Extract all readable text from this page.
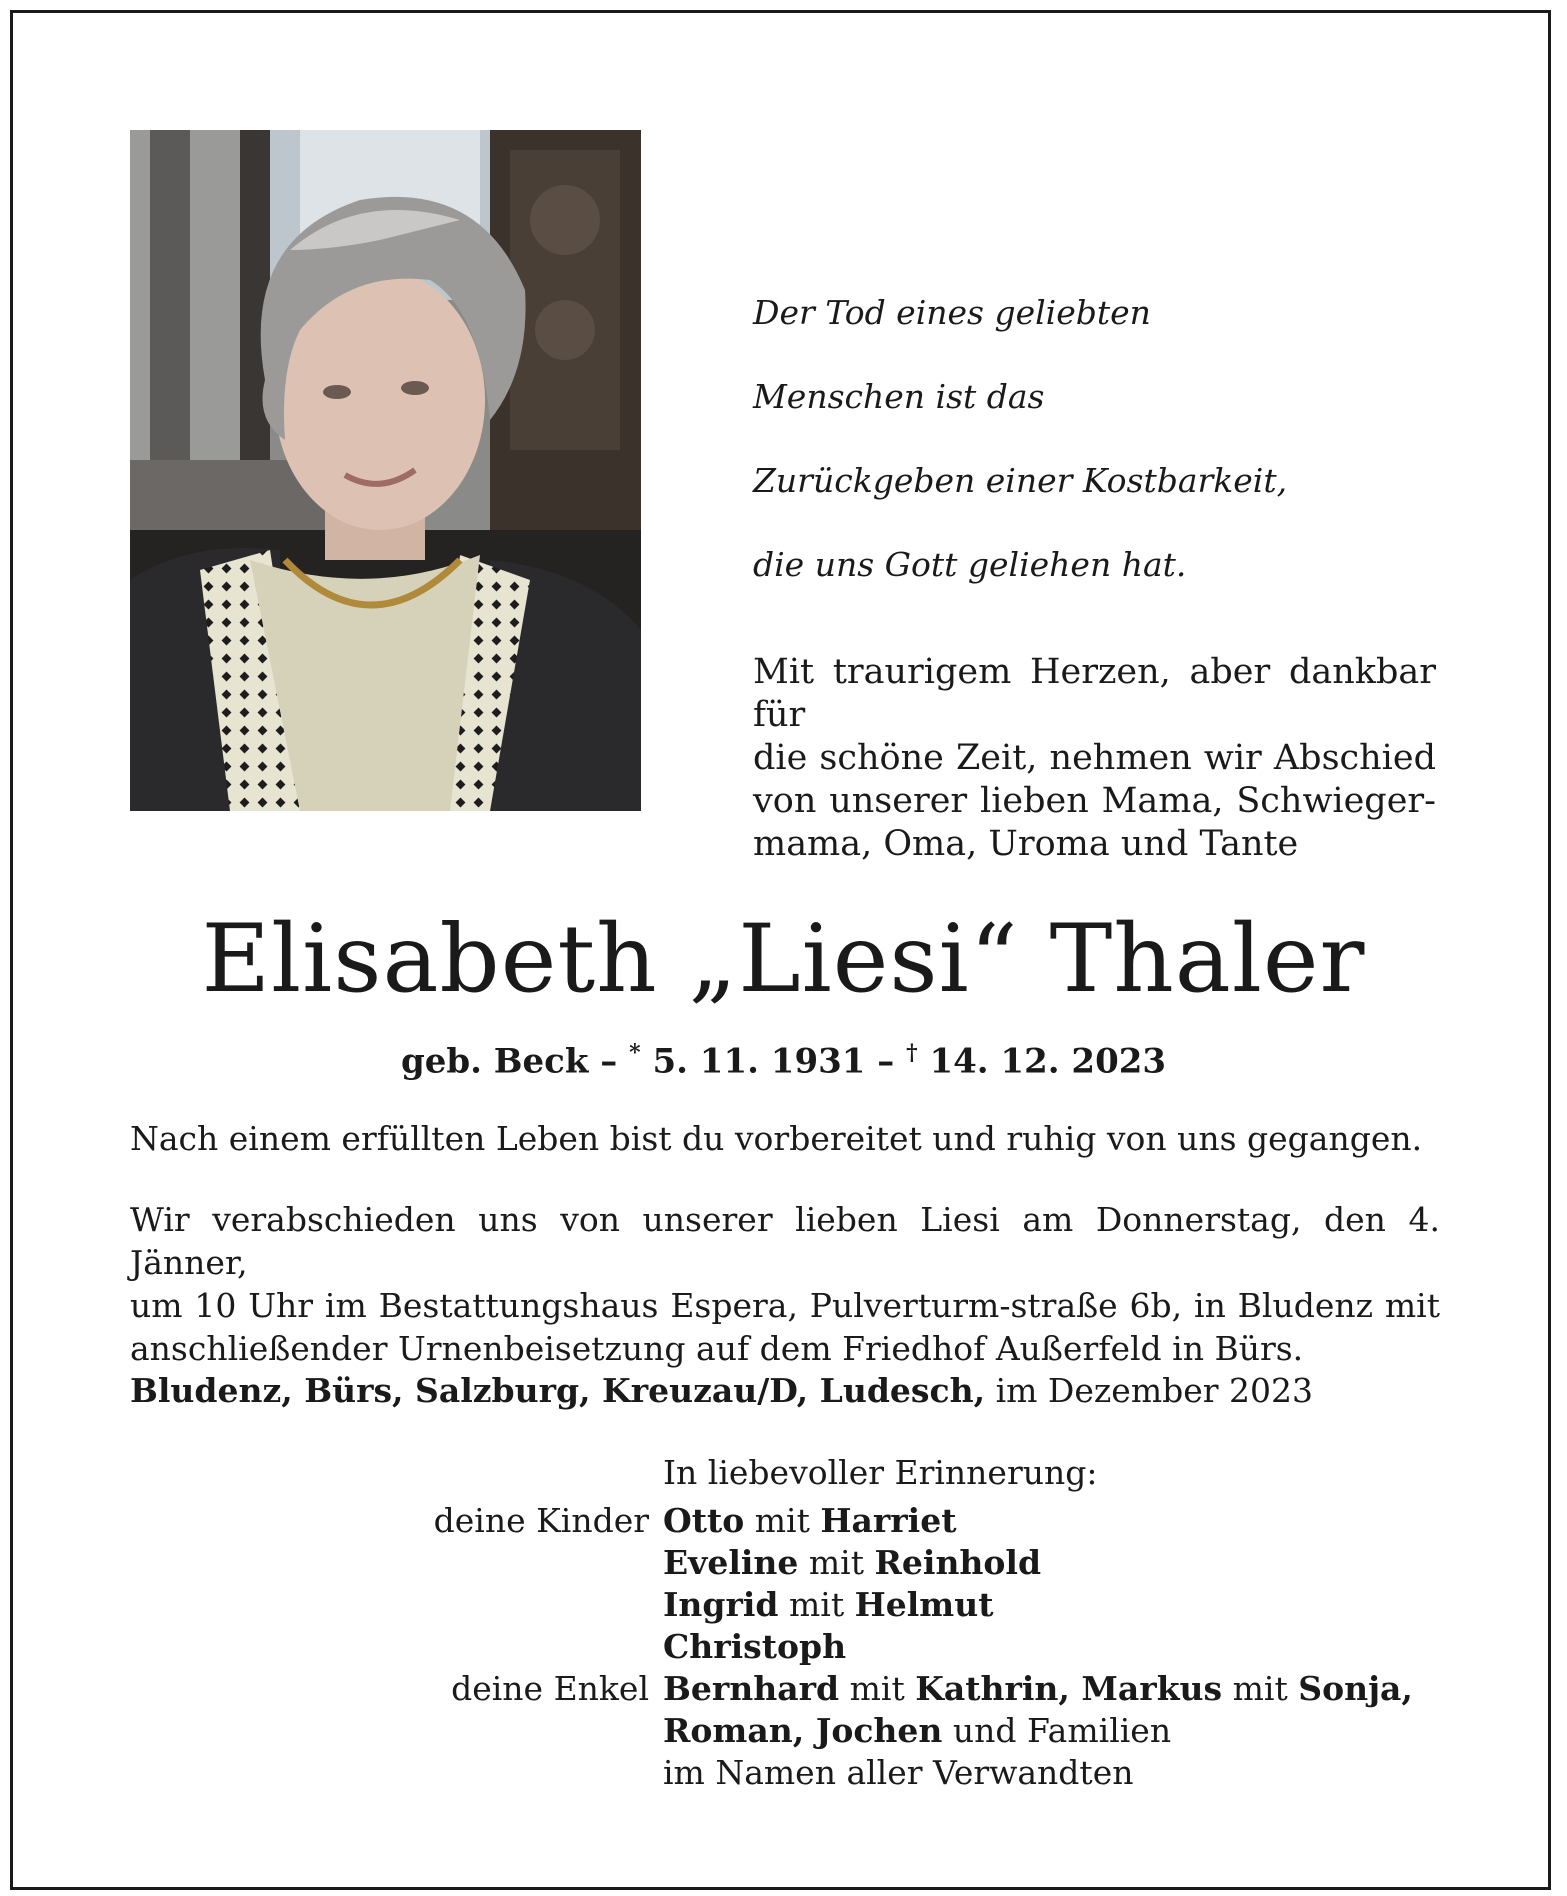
Der Tod eines geliebten

Menschen ist das

Zurückgeben einer Kostbarkeit,

die uns Gott geliehen hat.

Mit traurigem Herzen, aber dankbar für
die schöne Zeit, nehmen wir Abschied
von unserer lieben Mama, Schwieger-
mama, Oma, Uroma und Tante
Elisabeth „Liesi“ Thaler
geb. Beck – * 5. 11. 1931 – † 14. 12. 2023
Nach einem erfüllten Leben bist du vorbereitet und ruhig von uns gegangen.
Wir verabschieden uns von unserer lieben Liesi am Donnerstag, den 4. Jänner,
um 10 Uhr im Bestattungshaus Espera, Pulverturm-straße 6b, in Bludenz mit
anschließender Urnenbeisetzung auf dem Friedhof Außerfeld in Bürs.
Bludenz, Bürs, Salzburg, Kreuzau/D, Ludesch, im Dezember 2023
In liebevoller Erinnerung:
deine Kinder Otto mit Harriet
Eveline mit Reinhold
Ingrid mit Helmut
Christoph
deine Enkel Bernhard mit Kathrin, Markus mit Sonja,
Roman, Jochen und Familien
im Namen aller Verwandten
